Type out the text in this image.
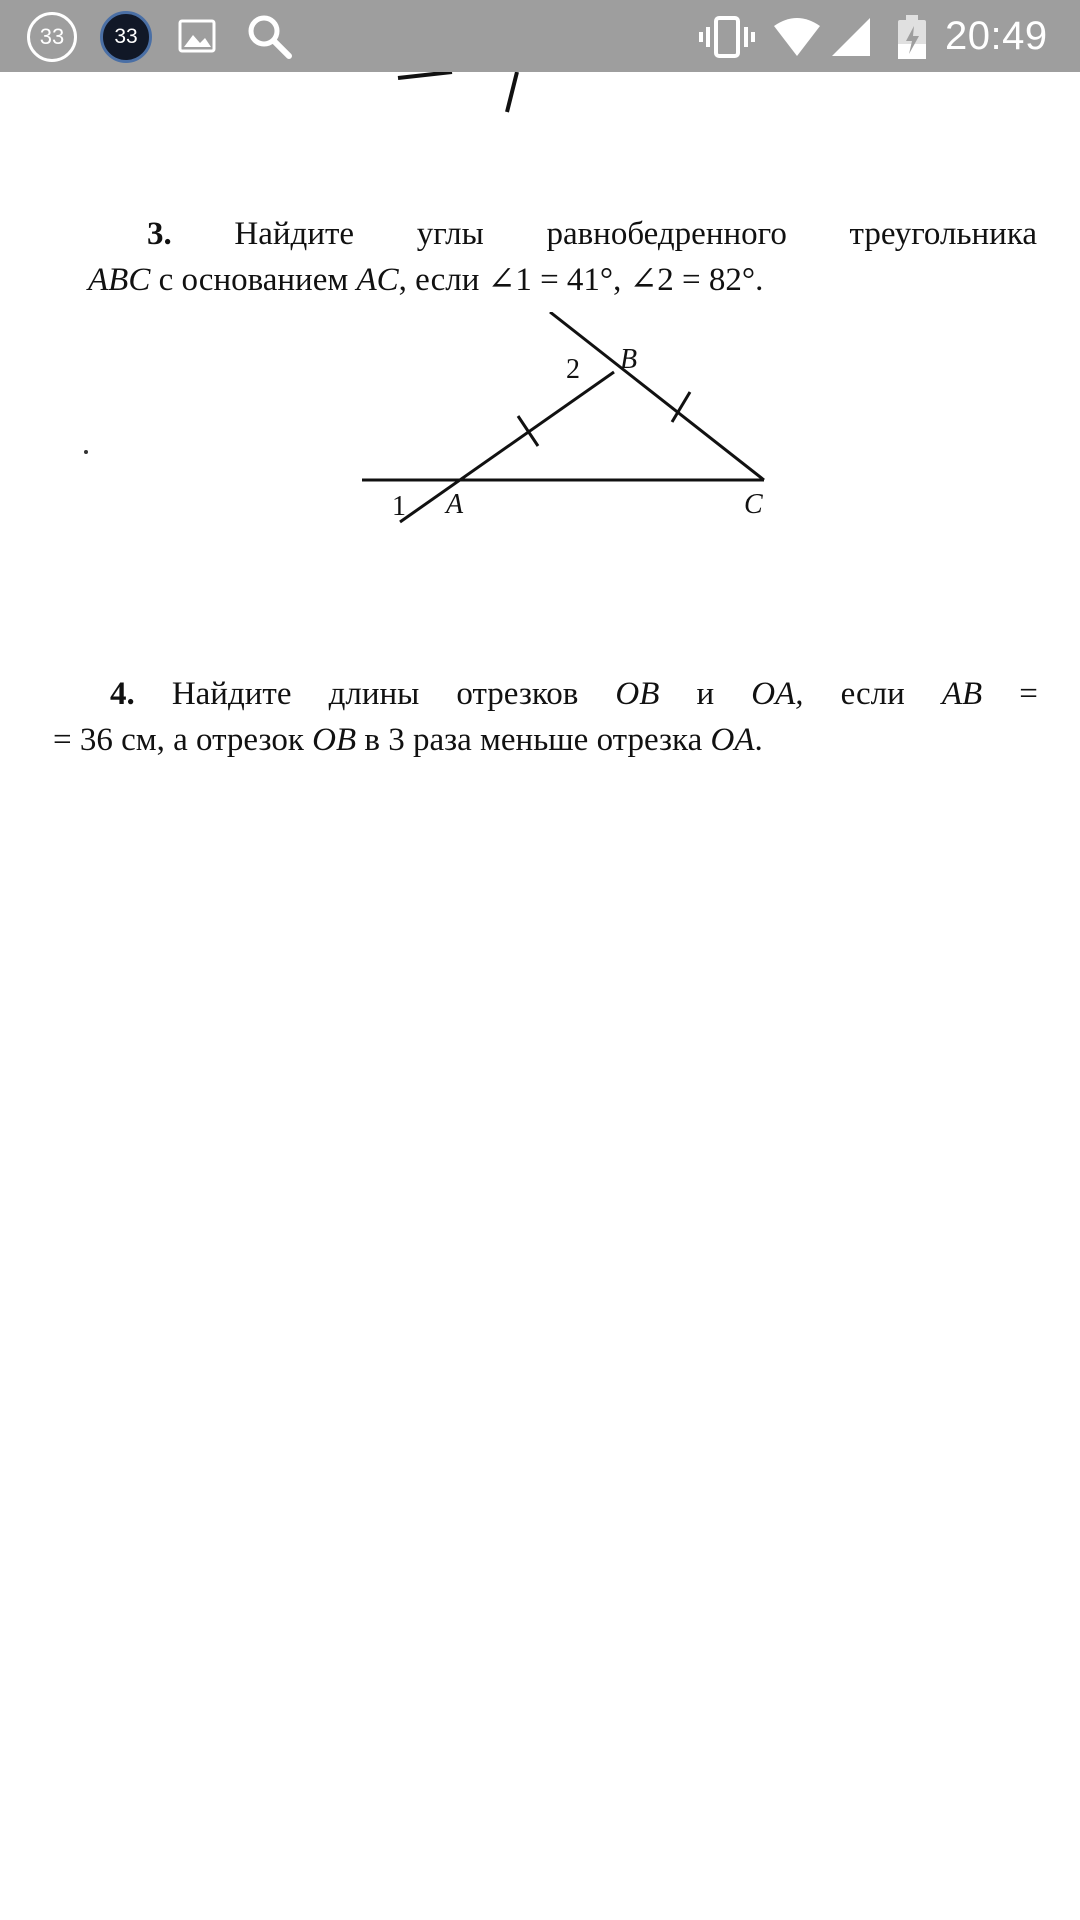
33 33	20:49
3. Найдите углы равнобедренного треугольника
ABC с основанием AC, если ∠1 = 41°, ∠2 = 82°.
1 A
2 B
C
4. Найдите длины отрезков OB и OA, если AB =
= 36 см, а отрезок OB в 3 раза меньше отрезка OA.
